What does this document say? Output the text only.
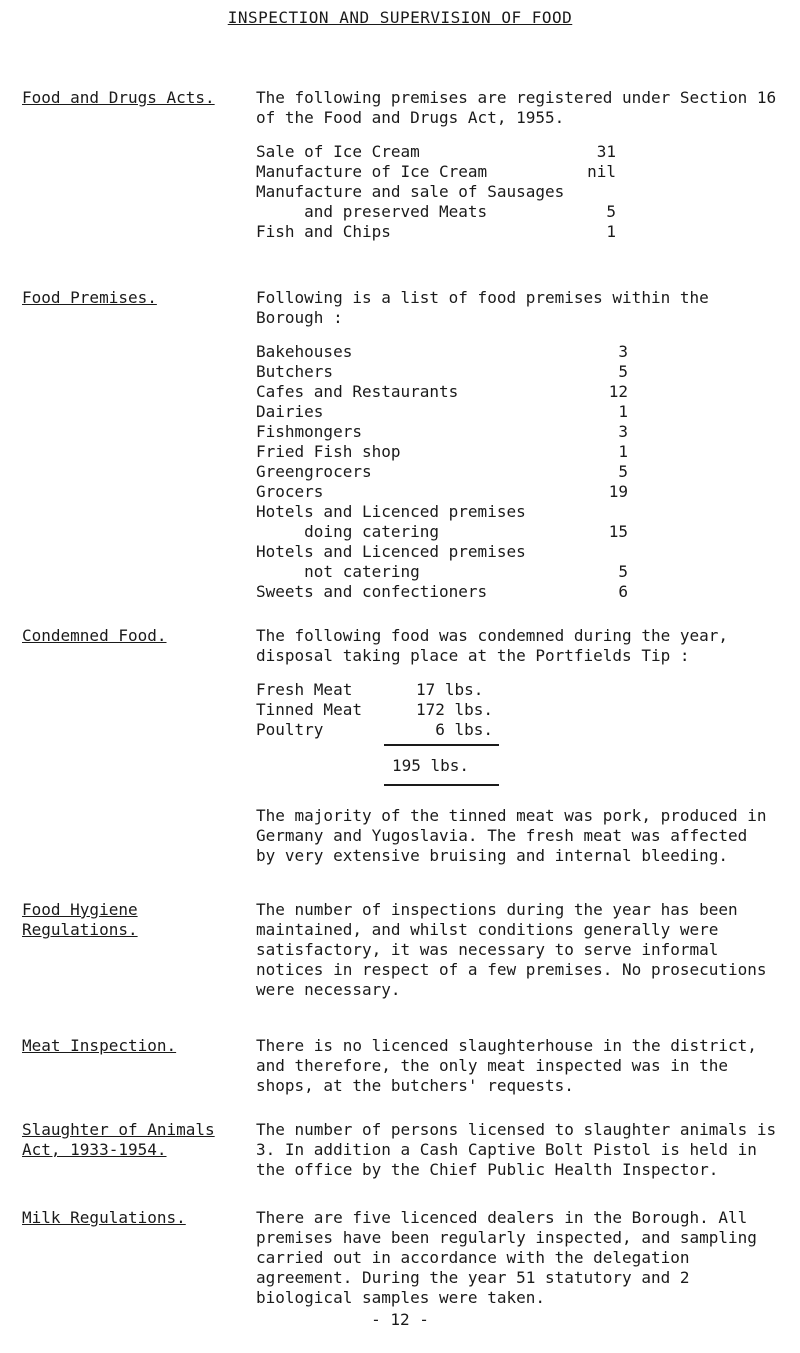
INSPECTION AND SUPERVISION OF FOOD
Food and Drugs Acts.	The following premises are registered under Section 16
of the Food and Drugs Act, 1955.
Sale of Ice Cream	31
Manufacture of Ice Cream	nil
Manufacture and sale of Sausages
and preserved Meats	5
Fish and Chips	1
Food Premises.	Following is a list of food premises within the
Borough :
Bakehouses	3
Butchers	5
Cafes and Restaurants	12
Dairies	1
Fishmongers	3
Fried Fish shop	1
Greengrocers	5
Grocers	19
Hotels and Licenced premises
doing catering	15
Hotels and Licenced premises
not catering	5
Sweets and confectioners	6
Condemned Food.	The following food was condemned during the year,
disposal taking place at the Portfields Tip :
Fresh Meat	17 lbs.
Tinned Meat	172 lbs.
Poultry	6 lbs.
195 lbs.
The majority of the tinned meat was pork, produced in
Germany and Yugoslavia. The fresh meat was affected
by very extensive bruising and internal bleeding.
Food Hygiene
Regulations.
The number of inspections during the year has been
maintained, and whilst conditions generally were
satisfactory, it was necessary to serve informal
notices in respect of a few premises. No prosecutions
were necessary.
Meat Inspection.	There is no licenced slaughterhouse in the district,
and therefore, the only meat inspected was in the
shops, at the butchers' requests.
Slaughter of Animals
Act, 1933-1954.
The number of persons licensed to slaughter animals is
3. In addition a Cash Captive Bolt Pistol is held in
the office by the Chief Public Health Inspector.
Milk Regulations.	There are five licenced dealers in the Borough. All
premises have been regularly inspected, and sampling
carried out in accordance with the delegation
agreement. During the year 51 statutory and 2
biological samples were taken.
- 12 -
